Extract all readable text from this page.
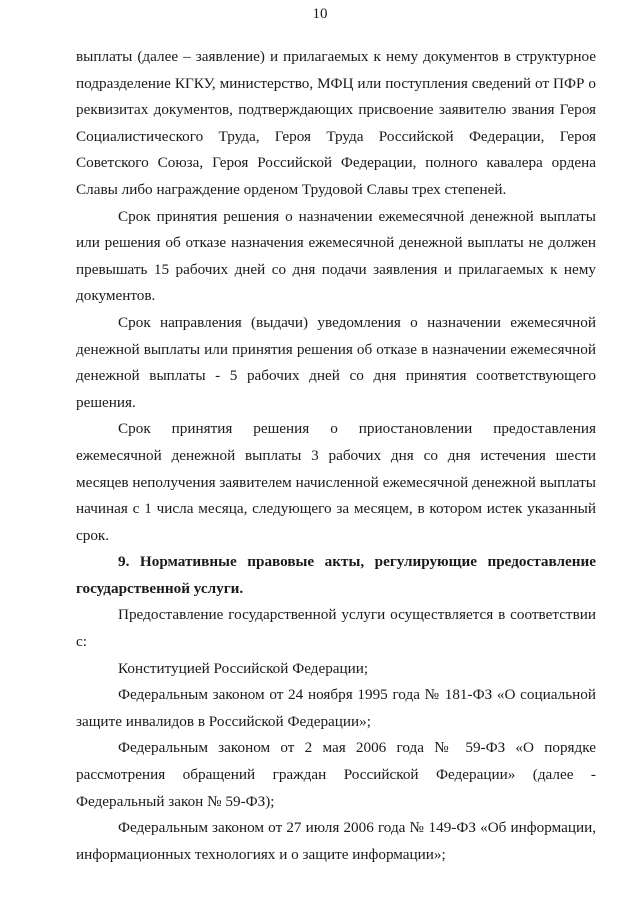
10

выплаты (далее – заявление) и прилагаемых к нему документов в структурное подразделение КГКУ, министерство, МФЦ или поступления сведений от ПФР о реквизитах документов, подтверждающих присвоение заявителю звания Героя Социалистического Труда, Героя Труда Российской Федерации, Героя Советского Союза, Героя Российской Федерации, полного кавалера ордена Славы либо награждение орденом Трудовой Славы трех степеней.

Срок принятия решения о назначении ежемесячной денежной выплаты или решения об отказе назначения ежемесячной денежной выплаты не должен превышать 15 рабочих дней со дня подачи заявления и прилагаемых к нему документов.

Срок направления (выдачи) уведомления о назначении ежемесячной денежной выплаты или принятия решения об отказе в назначении ежемесячной денежной выплаты - 5 рабочих дней со дня принятия соответствующего решения.

Срок принятия решения о приостановлении предоставления ежемесячной денежной выплаты 3 рабочих дня со дня истечения шести месяцев неполучения заявителем начисленной ежемесячной денежной выплаты начиная с 1 числа месяца, следующего за месяцем, в котором истек указанный срок.

9. Нормативные правовые акты, регулирующие предоставление государственной услуги.

Предоставление государственной услуги осуществляется в соответствии с:

Конституцией Российской Федерации;

Федеральным законом от 24 ноября 1995 года № 181-ФЗ «О социальной защите инвалидов в Российской Федерации»;

Федеральным законом от 2 мая 2006 года № 59-ФЗ «О порядке рассмотрения обращений граждан Российской Федерации» (далее - Федеральный закон № 59-ФЗ);

Федеральным законом от 27 июля 2006 года № 149-ФЗ «Об информации, информационных технологиях и о защите информации»;
